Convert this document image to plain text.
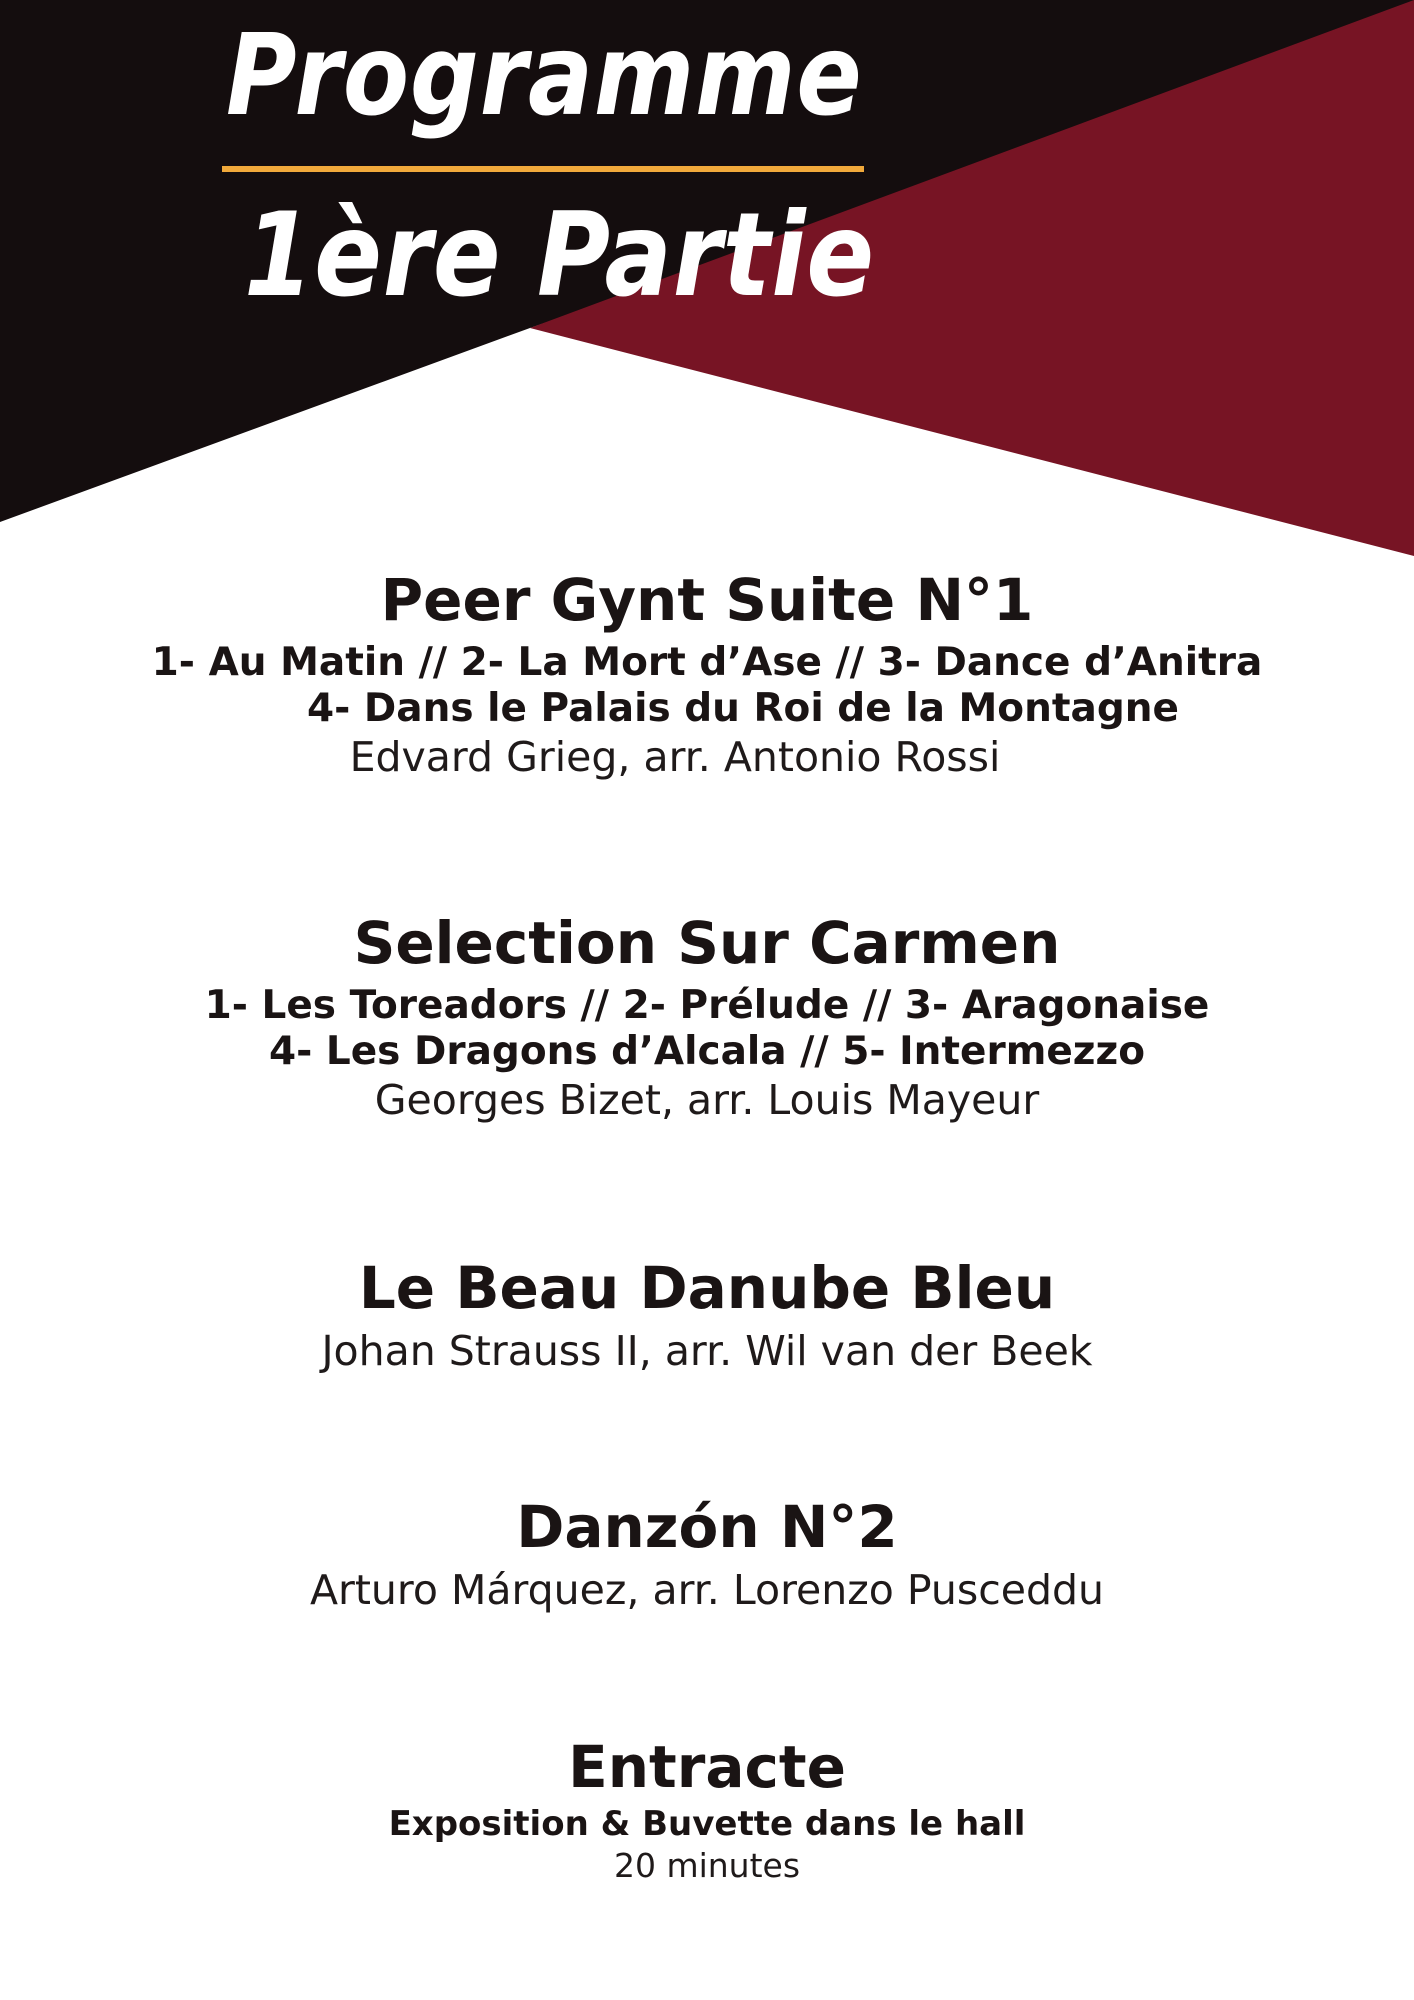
Programme
1ère Partie
Peer Gynt Suite N°1
1- Au Matin // 2- La Mort d’Ase // 3- Dance d’Anitra
4- Dans le Palais du Roi de la Montagne
Edvard Grieg, arr. Antonio Rossi
Selection Sur Carmen
1- Les Toreadors // 2- Prélude // 3- Aragonaise
4- Les Dragons d’Alcala // 5- Intermezzo
Georges Bizet, arr. Louis Mayeur
Le Beau Danube Bleu
Johan Strauss II, arr. Wil van der Beek
Danzón N°2
Arturo Márquez, arr. Lorenzo Pusceddu
Entracte
Exposition & Buvette dans le hall
20 minutes
